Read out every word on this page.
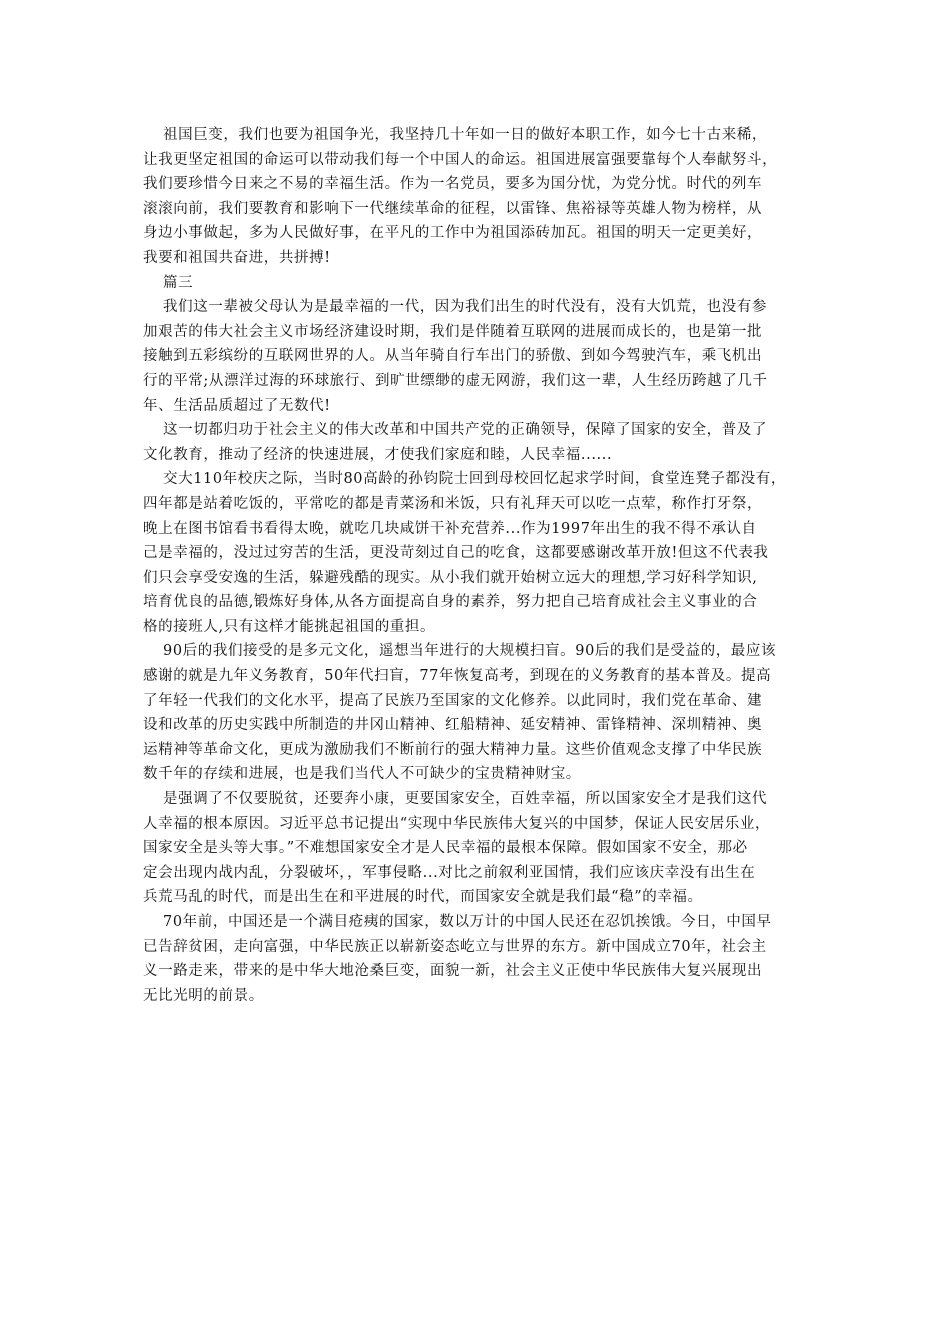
祖国巨变，我们也要为祖国争光，我坚持几十年如一日的做好本职工作，如今七十古来稀，
让我更坚定祖国的命运可以带动我们每一个中国人的命运。祖国进展富强要靠每个人奉献努斗，
我们要珍惜今日来之不易的幸福生活。作为一名党员，要多为国分忧，为党分忧。时代的列车
滚滚向前，我们要教育和影响下一代继续革命的征程，以雷锋、焦裕禄等英雄人物为榜样，从
身边小事做起，多为人民做好事，在平凡的工作中为祖国添砖加瓦。祖国的明天一定更美好，
我要和祖国共奋进，共拼搏!
篇三
我们这一辈被父母认为是最幸福的一代，因为我们出生的时代没有，没有大饥荒，也没有参
加艰苦的伟大社会主义市场经济建设时期，我们是伴随着互联网的进展而成长的，也是第一批
接触到五彩缤纷的互联网世界的人。从当年骑自行车出门的骄傲、到如今驾驶汽车，乘飞机出
行的平常;从漂洋过海的环球旅行、到旷世缥缈的虚无网游，我们这一辈，人生经历跨越了几千
年、生活品质超过了无数代!
这一切都归功于社会主义的伟大改革和中国共产党的正确领导，保障了国家的安全，普及了
文化教育，推动了经济的快速进展，才使我们家庭和睦，人民幸福......
交大110年校庆之际，当时80高龄的孙钧院士回到母校回忆起求学时间，食堂连凳子都没有，
四年都是站着吃饭的，平常吃的都是青菜汤和米饭，只有礼拜天可以吃一点荤，称作打牙祭，
晚上在图书馆看书看得太晚，就吃几块咸饼干补充营养...作为1997年出生的我不得不承认自
己是幸福的，没过过穷苦的生活，更没苛刻过自己的吃食，这都要感谢改革开放!但这不代表我
们只会享受安逸的生活，躲避残酷的现实。从小我们就开始树立远大的理想,学习好科学知识,
培育优良的品德,锻炼好身体,从各方面提高自身的素养，努力把自己培育成社会主义事业的合
格的接班人,只有这样才能挑起祖国的重担。
90后的我们接受的是多元文化，遥想当年进行的大规模扫盲。90后的我们是受益的，最应该
感谢的就是九年义务教育，50年代扫盲，77年恢复高考，到现在的义务教育的基本普及。提高
了年轻一代我们的文化水平，提高了民族乃至国家的文化修养。以此同时，我们党在革命、建
设和改革的历史实践中所制造的井冈山精神、红船精神、延安精神、雷锋精神、深圳精神、奥
运精神等革命文化，更成为激励我们不断前行的强大精神力量。这些价值观念支撑了中华民族
数千年的存续和进展，也是我们当代人不可缺少的宝贵精神财宝。
是强调了不仅要脱贫，还要奔小康，更要国家安全，百姓幸福，所以国家安全才是我们这代
人幸福的根本原因。习近平总书记提出“实现中华民族伟大复兴的中国梦，保证人民安居乐业，
国家安全是头等大事。”不难想国家安全才是人民幸福的最根本保障。假如国家不安全，那必
定会出现内战内乱，分裂破坏，，军事侵略...对比之前叙利亚国情，我们应该庆幸没有出生在
兵荒马乱的时代，而是出生在和平进展的时代，而国家安全就是我们最“稳”的幸福。
70年前，中国还是一个满目疮痍的国家，数以万计的中国人民还在忍饥挨饿。今日，中国早
已告辞贫困，走向富强，中华民族正以崭新姿态屹立与世界的东方。新中国成立70年，社会主
义一路走来，带来的是中华大地沧桑巨变，面貌一新，社会主义正使中华民族伟大复兴展现出
无比光明的前景。
